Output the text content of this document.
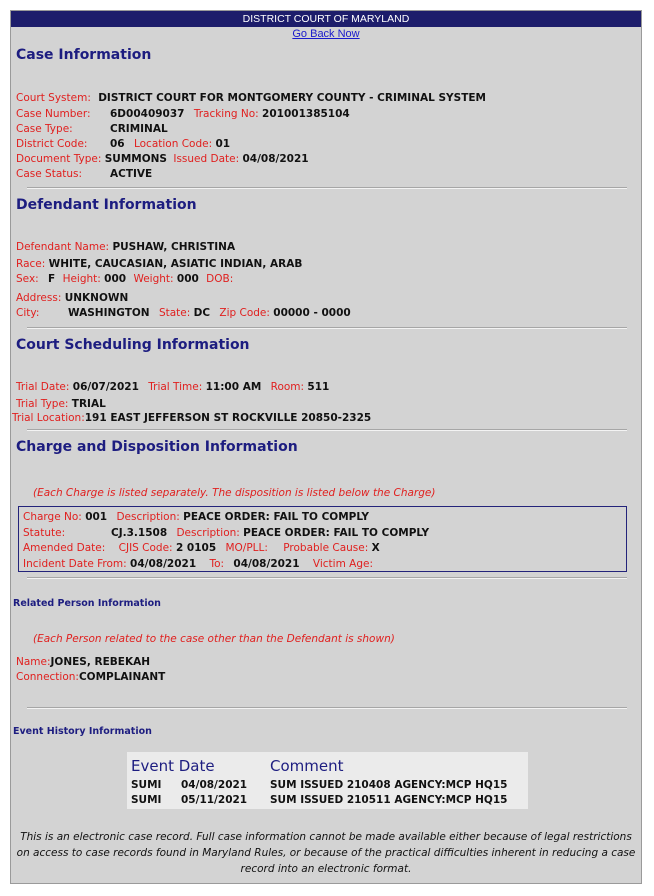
DISTRICT COURT OF MARYLAND
Go Back Now
Case Information
Court System: DISTRICT COURT FOR MONTGOMERY COUNTY - CRIMINAL SYSTEM
Case Number: 6D00409037 Tracking No: 201001385104
Case Type:	CRIMINAL
District Code: 06 Location Code: 01
Document Type: SUMMONS Issued Date: 04/08/2021
Case Status:	ACTIVE
Defendant Information
Defendant Name: PUSHAW, CHRISTINA
Race: WHITE, CAUCASIAN, ASIATIC INDIAN, ARAB
Sex: F Height: 000 Weight: 000 DOB:
Address: UNKNOWN
City:	WASHINGTON State: DC Zip Code: 00000 - 0000
Court Scheduling Information
Trial Date: 06/07/2021 Trial Time: 11:00 AM Room: 511
Trial Type: TRIAL
Trial Location:191 EAST JEFFERSON ST ROCKVILLE 20850-2325
Charge and Disposition Information
(Each Charge is listed separately. The disposition is listed below the Charge)
Charge No: 001 Description: PEACE ORDER: FAIL TO COMPLY
Statute:	CJ.3.1508 Description: PEACE ORDER: FAIL TO COMPLY
Amended Date: CJIS Code: 2 0105 MO/PLL: Probable Cause: X
Incident Date From: 04/08/2021 To: 04/08/2021 Victim Age:
Related Person Information
(Each Person related to the case other than the Defendant is shown)
Name:JONES, REBEKAH
Connection:COMPLAINANT
Event History Information
Event Date	Comment
SUMI 04/08/2021 SUM ISSUED 210408 AGENCY:MCP HQ15
SUMI 05/11/2021 SUM ISSUED 210511 AGENCY:MCP HQ15
This is an electronic case record. Full case information cannot be made available either because of legal restrictions
on access to case records found in Maryland Rules, or because of the practical difficulties inherent in reducing a case
record into an electronic format.
